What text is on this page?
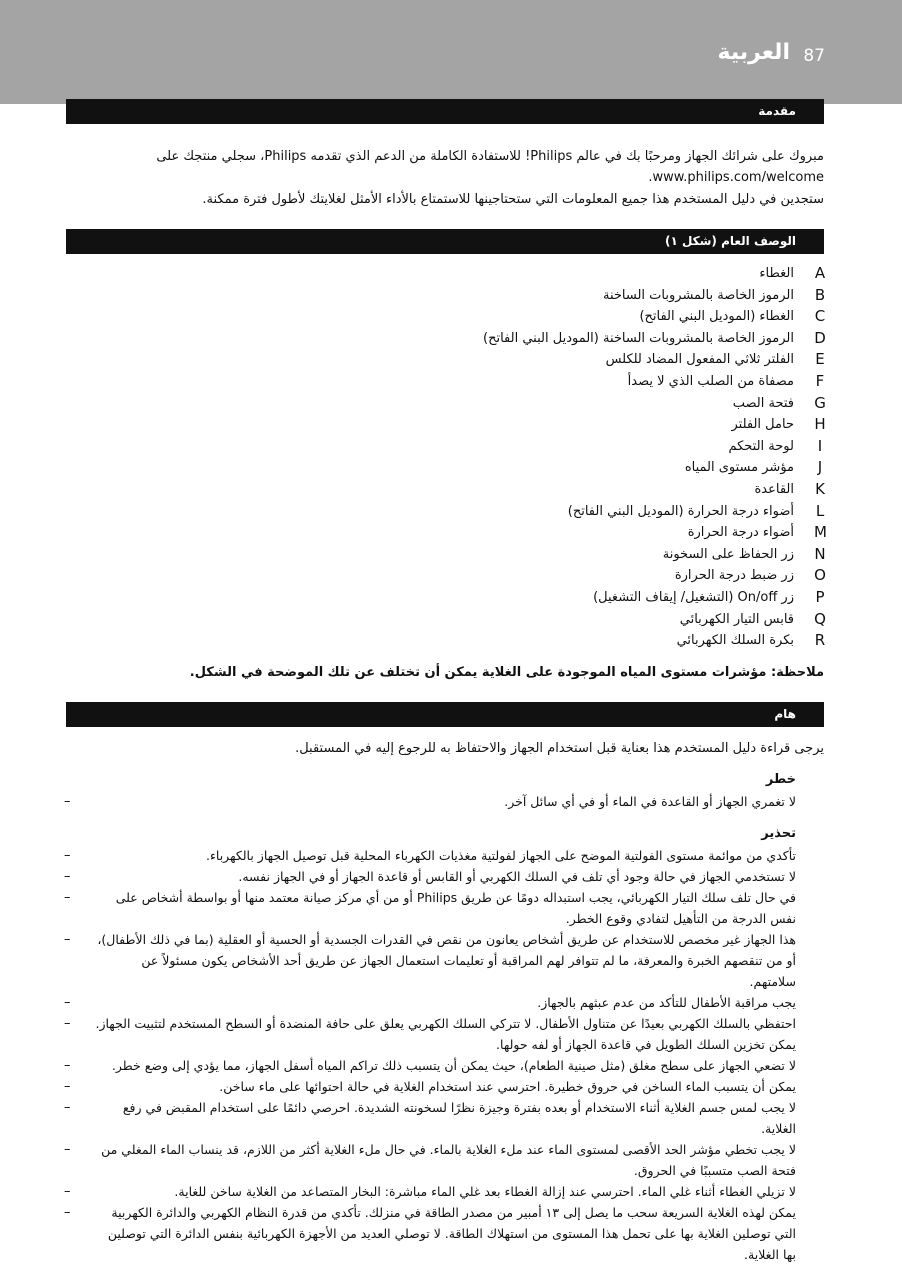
العربية 87
مقدمة
مبروك على شرائك الجهاز ومرحبًا بك في عالم Philips! للاستفادة الكاملة من الدعم الذي تقدمه Philips، سجلي منتجك على www.philips.com/welcome.
ستجدين في دليل المستخدم هذا جميع المعلومات التي ستحتاجينها للاستمتاع بالأداء الأمثل لغلايتك لأطول فترة ممكنة.
الوصف العام (شكل ١)
A
الغطاء
B
الرموز الخاصة بالمشروبات الساخنة
C
الغطاء (الموديل البني الفاتح)
D
الرموز الخاصة بالمشروبات الساخنة (الموديل البني الفاتح)
E
الفلتر ثلاثي المفعول المضاد للكلس
F
مصفاة من الصلب الذي لا يصدأ
G
فتحة الصب
H
حامل الفلتر
I
لوحة التحكم
J
مؤشر مستوى المياه
K
القاعدة
L
أضواء درجة الحرارة (الموديل البني الفاتح)
M
أضواء درجة الحرارة
N
زر الحفاظ على السخونة
O
زر ضبط درجة الحرارة
P
زر On/off (التشغيل/ إيقاف التشغيل)
Q
قابس التيار الكهربائي
R
بكرة السلك الكهربائي
ملاحظة: مؤشرات مستوى المياه الموجودة على الغلاية يمكن أن تختلف عن تلك الموضحة في الشكل.
هام
يرجى قراءة دليل المستخدم هذا بعناية قبل استخدام الجهاز والاحتفاظ به للرجوع إليه في المستقبل.
خطر
–	لا تغمري الجهاز أو القاعدة في الماء أو في أي سائل آخر.
تحذير
–	تأكدي من موائمة مستوى الفولتية الموضح على الجهاز لفولتية مغذيات الكهرباء المحلية قبل توصيل الجهاز بالكهرباء.
–	لا تستخدمي الجهاز في حالة وجود أي تلف في السلك الكهربي أو القابس أو قاعدة الجهاز أو في الجهاز نفسه.
–	في حال تلف سلك التيار الكهربائي، يجب استبداله دومًا عن طريق Philips أو من أي مركز صيانة معتمد منها أو بواسطة أشخاص على نفس الدرجة من التأهيل لتفادي وقوع الخطر.
– هذا الجهاز غير مخصص للاستخدام عن طريق أشخاص يعانون من نقص في القدرات الجسدية أو الحسية أو العقلية (بما في ذلك الأطفال)، أو من تنقصهم الخبرة والمعرفة، ما لم تتوافر لهم المراقبة أو تعليمات استعمال الجهاز عن طريق أحد الأشخاص يكون مسئولاً عن سلامتهم.
–	يجب مراقبة الأطفال للتأكد من عدم عبثهم بالجهاز.
– احتفظي بالسلك الكهربي بعيدًا عن متناول الأطفال. لا تتركي السلك الكهربي يعلق على حافة المنضدة أو السطح المستخدم لتثبيت الجهاز. يمكن تخزين السلك الطويل في قاعدة الجهاز أو لفه حولها.
–	لا تضعي الجهاز على سطح مغلق (مثل صينية الطعام)، حيث يمكن أن يتسبب ذلك تراكم المياه أسفل الجهاز، مما يؤدي إلى وضع خطر.
–	يمكن أن يتسبب الماء الساخن في حروق خطيرة. احترسي عند استخدام الغلاية في حالة احتوائها على ماء ساخن.
–	لا يجب لمس جسم الغلاية أثناء الاستخدام أو بعده بفترة وجيزة نظرًا لسخونته الشديدة. احرصي دائمًا على استخدام المقبض في رفع الغلاية.
–	لا يجب تخطي مؤشر الحد الأقصى لمستوى الماء عند ملء الغلاية بالماء. في حال ملء الغلاية أكثر من اللازم، قد ينساب الماء المغلي من فتحة الصب متسببًا في الحروق.
–	لا تزيلي الغطاء أثناء غلي الماء. احترسي عند إزالة الغطاء بعد غلي الماء مباشرة: البخار المتصاعد من الغلاية ساخن للغاية.
–	يمكن لهذه الغلاية السريعة سحب ما يصل إلى ١٣ أمبير من مصدر الطاقة في منزلك. تأكدي من قدرة النظام الكهربي والدائرة الكهربية التي توصلين الغلاية بها على تحمل هذا المستوى من استهلاك الطاقة. لا توصلي العديد من الأجهزة الكهربائية بنفس الدائرة التي توصلين بها الغلاية.
